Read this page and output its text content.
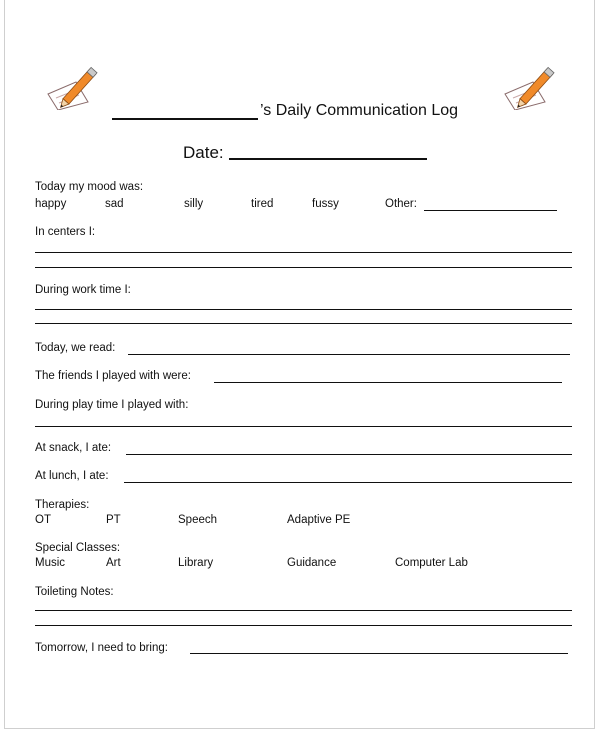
’s Daily Communication Log
Date:
Today my mood was:
happy	sad	silly	tired	fussy	Other:
In centers I:
During work time I:
Today, we read:
The friends I played with were:
During play time I played with:
At snack, I ate:
At lunch, I ate:
Therapies:
OT	PT	Speech	Adaptive PE
Special Classes:
Music	Art	Library	Guidance	Computer Lab
Toileting Notes:
Tomorrow, I need to bring:
